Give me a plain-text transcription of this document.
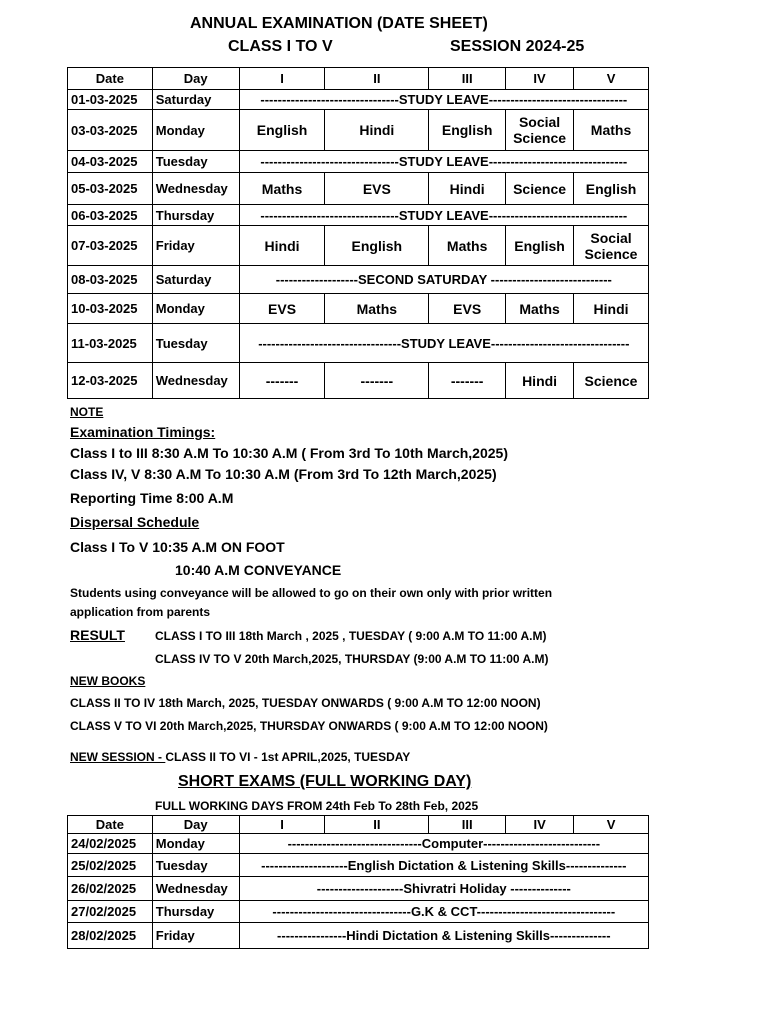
ANNUAL EXAMINATION (DATE SHEET)
CLASS I TO V	SESSION 2024-25
Date	Day	I	II	III	IV	V
01-03-2025	Saturday	--------------------------------STUDY LEAVE--------------------------------				
03-03-2025	Monday	English	Hindi	English	Social Science	Maths
04-03-2025	Tuesday	--------------------------------STUDY LEAVE--------------------------------				
05-03-2025	Wednesday	Maths	EVS	Hindi	Science	English
06-03-2025	Thursday	--------------------------------STUDY LEAVE--------------------------------				
07-03-2025	Friday	Hindi	English	Maths	English	Social Science
08-03-2025	Saturday	-------------------SECOND SATURDAY ----------------------------				
10-03-2025	Monday	EVS	Maths	EVS	Maths	Hindi
11-03-2025	Tuesday	---------------------------------STUDY LEAVE--------------------------------				
12-03-2025	Wednesday	-------	-------	-------	Hindi	Science
NOTE
Examination Timings:
Class I to III 8:30 A.M To 10:30 A.M ( From 3rd To 10th March,2025)
Class IV, V 8:30 A.M To 10:30 A.M (From 3rd To 12th March,2025)
Reporting Time 8:00 A.M
Dispersal Schedule
Class I To V 10:35 A.M ON FOOT
10:40 A.M CONVEYANCE
Students using conveyance will be allowed to go on their own only with prior written
application from parents
RESULT	CLASS I TO III 18th March , 2025 , TUESDAY ( 9:00 A.M TO 11:00 A.M)
CLASS IV TO V 20th March,2025, THURSDAY (9:00 A.M TO 11:00 A.M)
NEW BOOKS
CLASS II TO IV 18th March, 2025, TUESDAY ONWARDS ( 9:00 A.M TO 12:00 NOON)
CLASS V TO VI 20th March,2025, THURSDAY ONWARDS ( 9:00 A.M TO 12:00 NOON)
NEW SESSION - CLASS II TO VI - 1st APRIL,2025, TUESDAY
SHORT EXAMS (FULL WORKING DAY)
FULL WORKING DAYS FROM 24th Feb To 28th Feb, 2025
Date	Day	I	II	III	IV	V
24/02/2025	Monday	-------------------------------Computer---------------------------				
25/02/2025	Tuesday	--------------------English Dictation & Listening Skills--------------				
26/02/2025	Wednesday	--------------------Shivratri Holiday --------------				
27/02/2025	Thursday	--------------------------------G.K & CCT--------------------------------				
28/02/2025	Friday	----------------Hindi Dictation & Listening Skills--------------				
